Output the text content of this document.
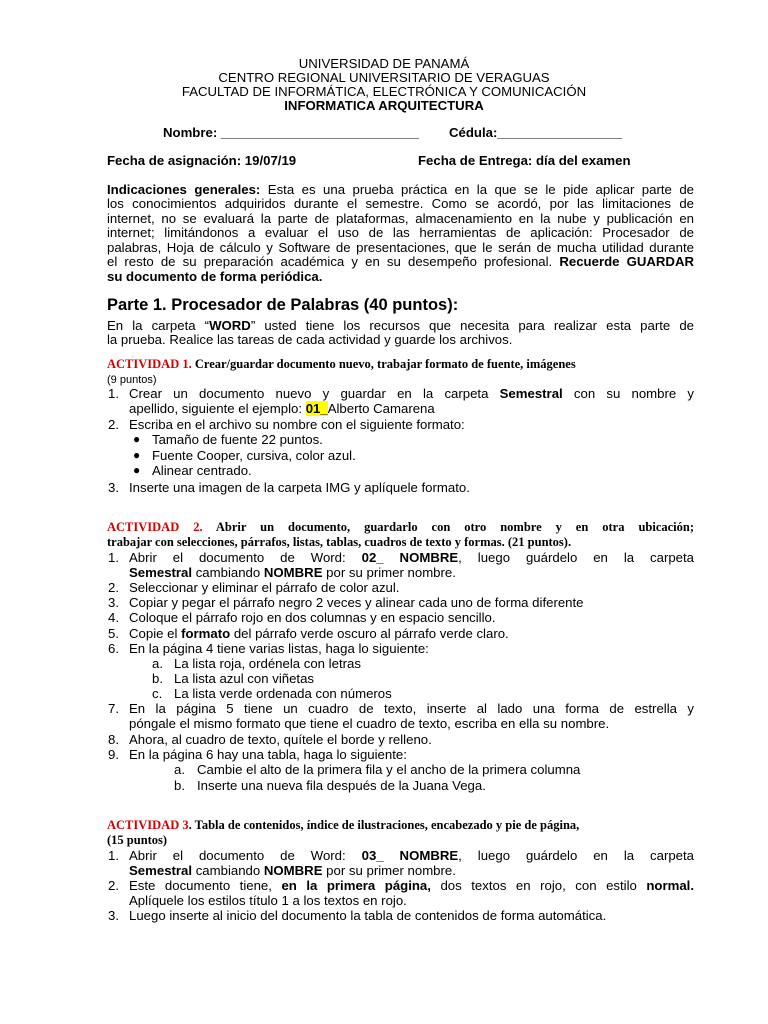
UNIVERSIDAD DE PANAMÁ
CENTRO REGIONAL UNIVERSITARIO DE VERAGUAS
FACULTAD DE INFORMÁTICA, ELECTRÓNICA Y COMUNICACIÓN
INFORMATICA ARQUITECTURA
Nombre: ___________________________ Cédula:_________________
Fecha de asignación: 19/07/19	Fecha de Entrega: día del examen
Indicaciones generales: Esta es una prueba práctica en la que se le pide aplicar parte de
los conocimientos adquiridos durante el semestre. Como se acordó, por las limitaciones de
internet, no se evaluará la parte de plataformas, almacenamiento en la nube y publicación en
internet; limitándonos a evaluar el uso de las herramientas de aplicación: Procesador de
palabras, Hoja de cálculo y Software de presentaciones, que le serán de mucha utilidad durante
el resto de su preparación académica y en su desempeño profesional. Recuerde GUARDAR
su documento de forma periódica.
Parte 1. Procesador de Palabras (40 puntos):
En la carpeta “WORD” usted tiene los recursos que necesita para realizar esta parte de
la prueba. Realice las tareas de cada actividad y guarde los archivos.
ACTIVIDAD 1. Crear/guardar documento nuevo, trabajar formato de fuente, imágenes
(9 puntos)
1. Crear un documento nuevo y guardar en la carpeta Semestral con su nombre y
apellido, siguiente el ejemplo: 01_Alberto Camarena
2. Escriba en el archivo su nombre con el siguiente formato:
● Tamaño de fuente 22 puntos.
● Fuente Cooper, cursiva, color azul.
● Alinear centrado.
3. Inserte una imagen de la carpeta IMG y aplíquele formato.
ACTIVIDAD 2. Abrir un documento, guardarlo con otro nombre y en otra ubicación;
trabajar con selecciones, párrafos, listas, tablas, cuadros de texto y formas. (21 puntos).
1. Abrir el documento de Word: 02_ NOMBRE, luego guárdelo en la carpeta
Semestral cambiando NOMBRE por su primer nombre.
2. Seleccionar y eliminar el párrafo de color azul.
3. Copiar y pegar el párrafo negro 2 veces y alinear cada uno de forma diferente
4. Coloque el párrafo rojo en dos columnas y en espacio sencillo.
5. Copie el formato del párrafo verde oscuro al párrafo verde claro.
6. En la página 4 tiene varias listas, haga lo siguiente:
a. La lista roja, ordénela con letras
b. La lista azul con viñetas
c. La lista verde ordenada con números
7. En la página 5 tiene un cuadro de texto, inserte al lado una forma de estrella y
póngale el mismo formato que tiene el cuadro de texto, escriba en ella su nombre.
8. Ahora, al cuadro de texto, quítele el borde y relleno.
9. En la página 6 hay una tabla, haga lo siguiente:
a. Cambie el alto de la primera fila y el ancho de la primera columna
b. Inserte una nueva fila después de la Juana Vega.
ACTIVIDAD 3. Tabla de contenidos, índice de ilustraciones, encabezado y pie de página,
(15 puntos)
1. Abrir el documento de Word: 03_ NOMBRE, luego guárdelo en la carpeta
Semestral cambiando NOMBRE por su primer nombre.
2. Este documento tiene, en la primera página, dos textos en rojo, con estilo normal.
Aplíquele los estilos título 1 a los textos en rojo.
3. Luego inserte al inicio del documento la tabla de contenidos de forma automática.
